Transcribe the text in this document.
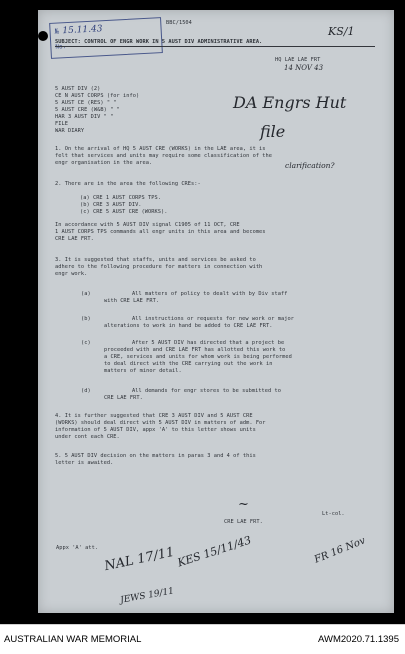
№ 15.11.43
No.
BBC/1504
KS/1
SUBJECT: CONTROL OF ENGR WORK IN 5 AUST DIV ADMINISTRATIVE AREA.
HQ LAE LAE FRT
14 NOV 43
5 AUST DIV (2)
CE N AUST CORPS (for info)
5 AUST CE (RES) " "
5 AUST CRE (W&B) " "
HAR 3 AUST DIV " "
FILE
WAR DIARY
DA Engrs Hut
file
clarification?
1. On the arrival of HQ 5 AUST CRE (WORKS) in the LAE area, it is
felt that services and units may require some classification of the
engr organisation in the area.
2. There are in the area the following CREs:-
(a) CRE 1 AUST CORPS TPS.
(b) CRE 3 AUST DIV.
(c) CRE 5 AUST CRE (WORKS).
In accordance with 5 AUST DIV signal C1905 of 11 OCT, CRE
1 AUST CORPS TPS commands all engr units in this area and becomes
CRE LAE FRT.
3. It is suggested that staffs, units and services be asked to
adhere to the following procedure for matters in connection with
engr work.
(a)	All matters of policy to dealt with by Div staff
with CRE LAE FRT.
(b)	All instructions or requests for new work or major
alterations to work in hand be added to CRE LAE FRT.
(c)	After 5 AUST DIV has directed that a project be
proceeded with and CRE LAE FRT has allotted this work to
a CRE, services and units for whom work is being performed
to deal direct with the CRE carrying out the work in
matters of minor detail.
(d)	All demands for engr stores to be submitted to
CRE LAE FRT.
4. It is further suggested that CRE 3 AUST DIV and 5 AUST CRE
(WORKS) should deal direct with 5 AUST DIV in matters of adm. For
information of 5 AUST DIV, appx 'A' to this letter shows units
under cont each CRE.
5. 5 AUST DIV decision on the matters in paras 3 and 4 of this
letter is awaited.
~
Lt-col.
CRE LAE FRT.
Appx 'A' att. NAL 17/11 KES 15/11/43
JEWS 19/11
FR 16 Nov
AUSTRALIAN WAR MEMORIAL	AWM2020.71.1395
